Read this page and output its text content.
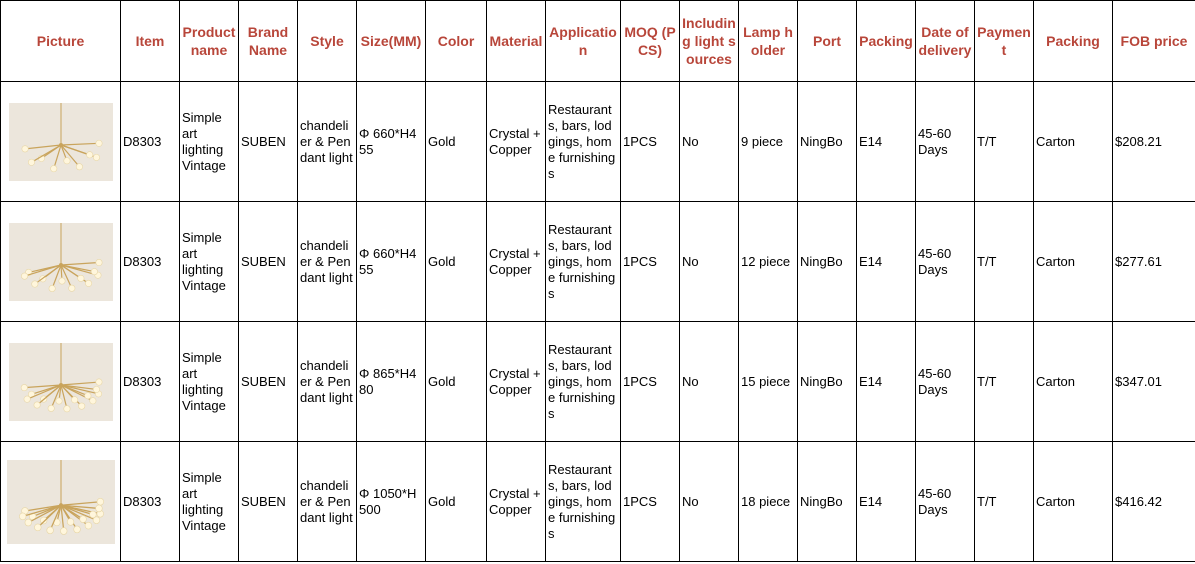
Picture	Item	Product name	Brand Name	Style	Size(MM)	Color	Material	Application	MOQ (PCS)	Including light sources	Lamp holder	Port	Packing	Date of delivery	Payment	Packing	FOB price

	D8303	Simple art lighting Vintage	SUBEN	chandelier & Pendant light	Φ 660*H455	Gold	Crystal + Copper	Restaurants, bars, lodgings, home furnishings	1PCS	No	9 piece	NingBo	E14	45-60 Days	T/T	Carton	$208.21

	D8303	Simple art lighting Vintage	SUBEN	chandelier & Pendant light	Φ 660*H455	Gold	Crystal + Copper	Restaurants, bars, lodgings, home furnishings	1PCS	No	12 piece	NingBo	E14	45-60 Days	T/T	Carton	$277.61

	D8303	Simple art lighting Vintage	SUBEN	chandelier & Pendant light	Φ 865*H480	Gold	Crystal + Copper	Restaurants, bars, lodgings, home furnishings	1PCS	No	15 piece	NingBo	E14	45-60 Days	T/T	Carton	$347.01

	D8303	Simple art lighting Vintage	SUBEN	chandelier & Pendant light	Φ 1050*H500	Gold	Crystal + Copper	Restaurants, bars, lodgings, home furnishings	1PCS	No	18 piece	NingBo	E14	45-60 Days	T/T	Carton	$416.42
